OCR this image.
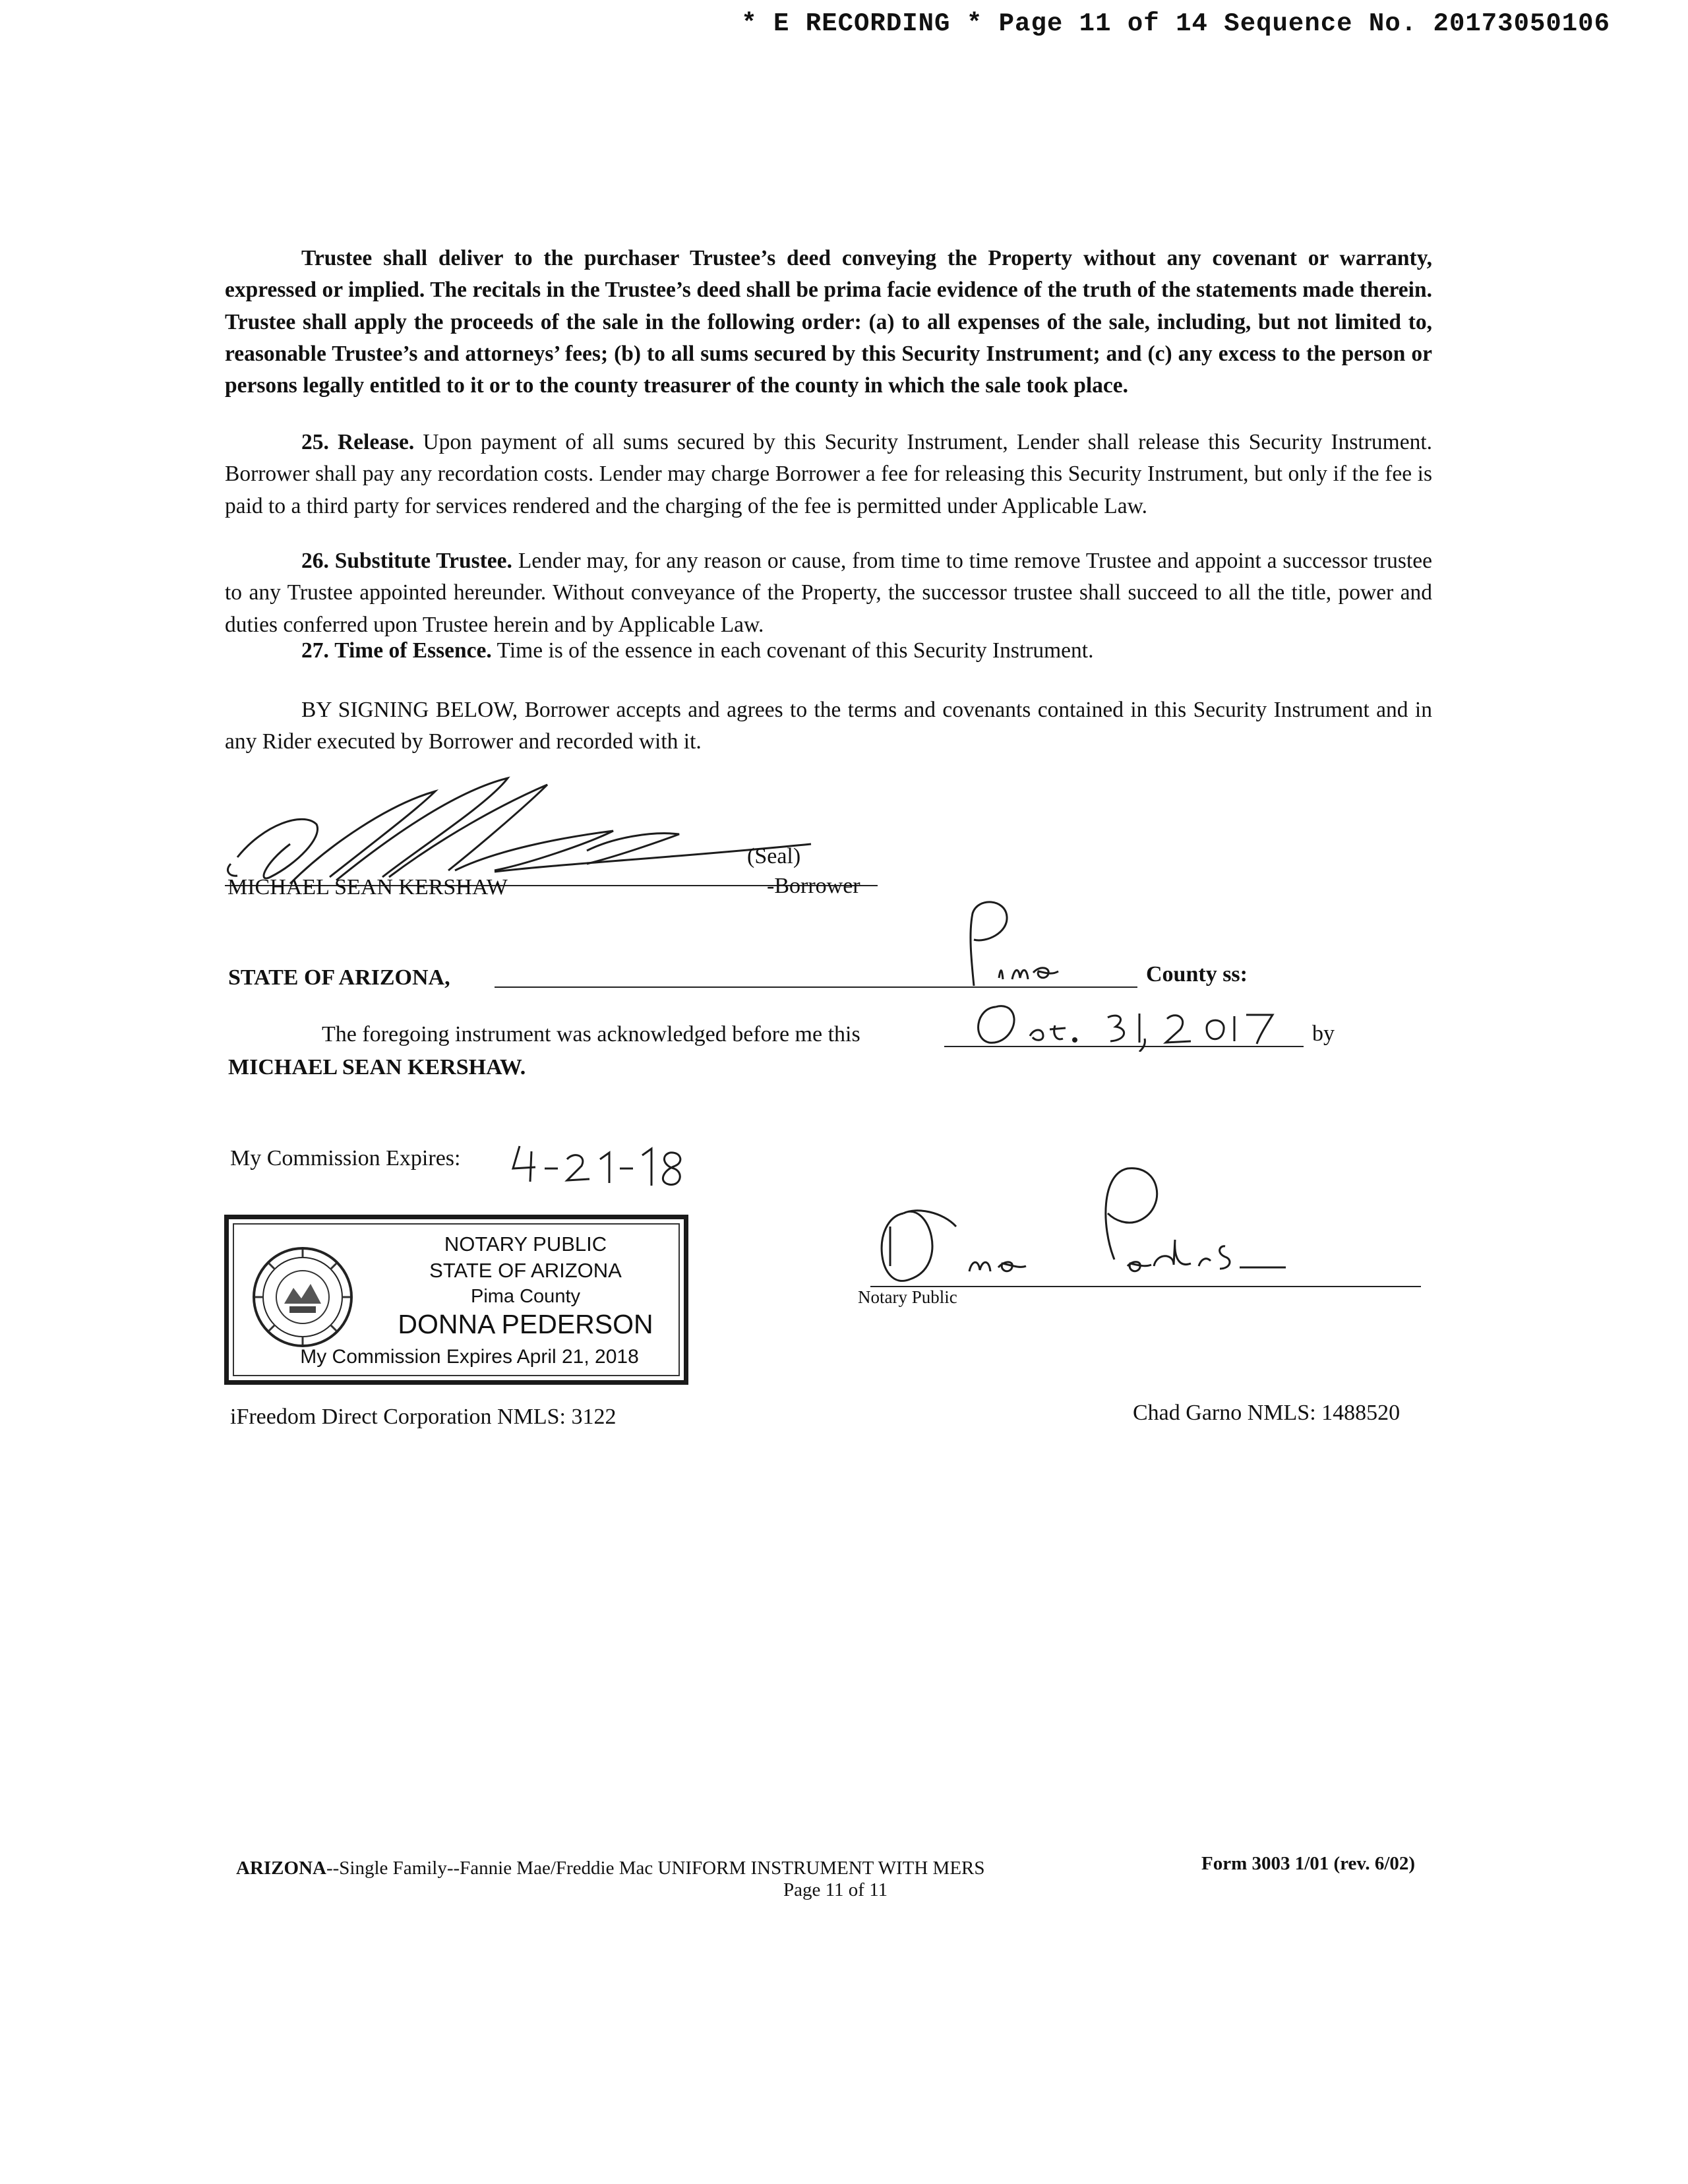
* E RECORDING * Page 11 of 14 Sequence No. 20173050106
Trustee shall deliver to the purchaser Trustee’s deed conveying the Property without any covenant or warranty, expressed or implied. The recitals in the Trustee’s deed shall be prima facie evidence of the truth of the statements made therein. Trustee shall apply the proceeds of the sale in the following order: (a) to all expenses of the sale, including, but not limited to, reasonable Trustee’s and attorneys’ fees; (b) to all sums secured by this Security Instrument; and (c) any excess to the person or persons legally entitled to it or to the county treasurer of the county in which the sale took place.
25. Release. Upon payment of all sums secured by this Security Instrument, Lender shall release this Security Instrument. Borrower shall pay any recordation costs. Lender may charge Borrower a fee for releasing this Security Instrument, but only if the fee is paid to a third party for services rendered and the charging of the fee is permitted under Applicable Law.
26. Substitute Trustee. Lender may, for any reason or cause, from time to time remove Trustee and appoint a successor trustee to any Trustee appointed hereunder. Without conveyance of the Property, the successor trustee shall succeed to all the title, power and duties conferred upon Trustee herein and by Applicable Law.
27. Time of Essence. Time is of the essence in each covenant of this Security Instrument.
BY SIGNING BELOW, Borrower accepts and agrees to the terms and covenants contained in this Security Instrument and in any Rider executed by Borrower and recorded with it.
(Seal)
MICHAEL SEAN KERSHAW	-Borrower
STATE OF ARIZONA,	County ss:
The foregoing instrument was acknowledged before me this	by
MICHAEL SEAN KERSHAW.
My Commission Expires:
NOTARY PUBLIC
STATE OF ARIZONA
Pima County
DONNA PEDERSON
My Commission Expires April 21, 2018
Notary Public
iFreedom Direct Corporation NMLS: 3122	Chad Garno NMLS: 1488520
ARIZONA--Single Family--Fannie Mae/Freddie Mac UNIFORM INSTRUMENT WITH MERS	Form 3003 1/01 (rev. 6/02)
Page 11 of 11
